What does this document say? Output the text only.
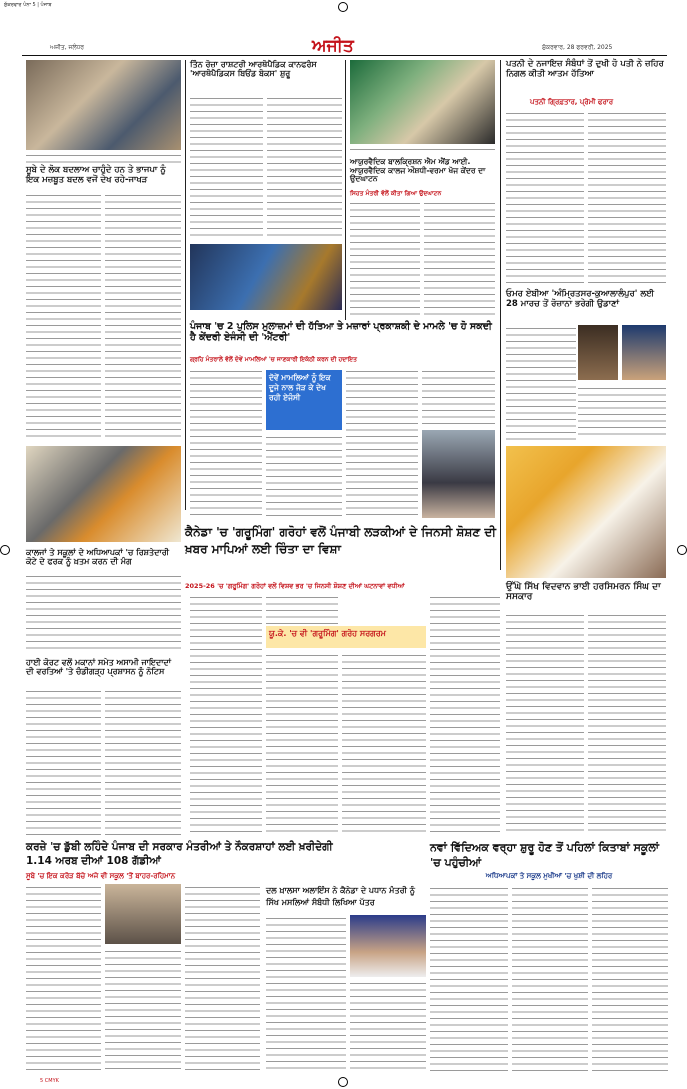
ਸ਼ੁੱਕਰਵਾਰ ਪੰਨਾ 5 | ਪੰਜਾਬ
ਅਜੀਤ, ਜਲੰਧਰ	ਅਜੀਤ	ਸ਼ੁੱਕਰਵਾਰ, 28 ਫਰਵਰੀ, 2025
ਸੂਬੇ ਦੇ ਲੋਕ ਬਦਲਾਅ ਚਾਹੁੰਦੇ ਹਨ ਤੇ ਭਾਜਪਾ ਨੂੰ ਇਕ ਮਜ਼ਬੂਤ ਬਦਲ ਵਜੋਂ ਦੇਖ ਰਹੇ-ਜਾਖੜ
ਤਿੰਨ ਰੋਜ਼ਾ ਰਾਸ਼ਟਰੀ ਆਰਥੋਪੈਡਿਕ ਕਾਨਫਰੰਸ 'ਆਰਥੋਪੈਡਿਕਸ ਬਿਓਂਡ ਬੋਕਸ' ਸ਼ੁਰੂ
ਆਯੁਰਵੈਦਿਕ ਬਾਲਕ੍ਰਿਸ਼ਨ ਐਮ ਐਂਡ ਆਈ. ਆਯੁਰਵੈਦਿਕ ਕਾਲਜ ਔਸ਼ਧੀ-ਵਰਮਾ ਖੋਜ ਕੇਂਦਰ ਦਾ ਉਦਘਾਟਨ
ਸਿਹਤ ਮੰਤਰੀ ਵੱਲੋਂ ਕੀਤਾ ਗਿਆ ਉਦਘਾਟਨ
ਪਤਨੀ ਦੇ ਨਜਾਇਜ਼ ਸੰਬੰਧਾਂ ਤੋਂ ਦੁਖੀ ਹੋ ਪਤੀ ਨੇ ਜ਼ਹਿਰ ਨਿਗਲ ਕੀਤੀ ਆਤਮ ਹੱਤਿਆ
ਪਤਨੀ ਗ੍ਰਿਫ਼ਤਾਰ, ਪ੍ਰੇਮੀ ਫਰਾਰ
ਓਮਰ ਏਬੀਆ 'ਅੰਮ੍ਰਿਤਸਰ-ਕੁਆਲਾਲੰਪੁਰ' ਲਈ 28 ਮਾਰਚ ਤੋਂ ਰੋਜ਼ਾਨਾ ਭਰੇਗੀ ਉਡਾਣਾਂ
ਪੰਜਾਬ 'ਚ 2 ਪੁਲਿਸ ਮੁਲਾਜ਼ਮਾਂ ਦੀ ਹੱਤਿਆ ਤੇ ਮਜ਼ਾਰਾਂ ਪ੍ਰਕਾਸ਼ਕੀ ਦੇ ਮਾਮਲੇ 'ਚ ਹੋ ਸਕਦੀ ਹੈ ਕੇਂਦਰੀ ਏਜੰਸੀ ਦੀ 'ਐਂਟਰੀ'
ਗ੍ਰਹਿ ਮੰਤਰਾਲੇ ਵੱਲੋਂ ਦੋਵੇਂ ਮਾਮਲਿਆਂ 'ਚ ਜਾਣਕਾਰੀ ਇਕੱਠੀ ਕਰਨ ਦੀ ਹਦਾਇਤ
ਦੋਵੇਂ ਮਾਮਲਿਆਂ ਨੂੰ ਇਕ ਦੂਜੇ ਨਾਲ ਜੋੜ ਕੇ ਦੇਖ ਰਹੀ ਏਜੰਸੀ
ਕਾਲਜਾਂ ਤੇ ਸਕੂਲਾਂ ਦੇ ਅਧਿਆਪਕਾਂ 'ਚ ਰਿਸ਼ਤੇਦਾਰੀ ਕੋਟੇ ਦੇ ਫਰਕ ਨੂੰ ਖ਼ਤਮ ਕਰਨ ਦੀ ਮੰਗ
ਕੈਨੇਡਾ 'ਚ 'ਗਰੂਮਿੰਗ' ਗਰੋਹਾਂ ਵਲੋਂ ਪੰਜਾਬੀ ਲੜਕੀਆਂ ਦੇ ਜਿਨਸੀ ਸ਼ੋਸ਼ਣ ਦੀ ਖ਼ਬਰ ਮਾਪਿਆਂ ਲਈ ਚਿੰਤਾ ਦਾ ਵਿਸ਼ਾ
2025-26 'ਚ 'ਗਰੂਮਿੰਗ' ਗਰੋਹਾਂ ਵਲੋਂ ਵਿਸ਼ਵ ਭਰ 'ਚ ਜਿਨਸੀ ਸ਼ੋਸ਼ਣ ਦੀਆਂ ਘਟਨਾਵਾਂ ਵਧੀਆਂ
ਯੂ.ਕੇ. 'ਚ ਵੀ 'ਗਰੂਮਿੰਗ' ਗਰੋਹ ਸਰਗਰਮ
ਹਾਈ ਕੋਰਟ ਵਲੋਂ ਮਕਾਨਾਂ ਸਮੇਤ ਅਸਾਮੀ ਜਾਇਦਾਦਾਂ ਦੀ ਵਰਤਿਆਂ 'ਤੇ ਚੰਡੀਗੜ੍ਹ ਪ੍ਰਸ਼ਾਸਨ ਨੂੰ ਨੋਟਿਸ
ਉੱਘੇ ਸਿੱਖ ਵਿਦਵਾਨ ਭਾਈ ਹਰਸਿਮਰਨ ਸਿੰਘ ਦਾ ਸਸਕਾਰ
ਕਰਜ਼ੇ 'ਚ ਡੁੱਬੀ ਲਹਿੰਦੇ ਪੰਜਾਬ ਦੀ ਸਰਕਾਰ ਮੰਤਰੀਆਂ ਤੇ ਨੌਕਰਸ਼ਾਹਾਂ ਲਈ ਖ਼ਰੀਦੇਗੀ 1.14 ਅਰਬ ਦੀਆਂ 108 ਗੱਡੀਆਂ
ਸੂਬੇ 'ਚ ਇਕ ਕਰੋੜ ਬੱਚੇ ਅਜੇ ਵੀ ਸਕੂਲ 'ਤੋਂ ਬਾਹਰ-ਰਹਿਮਾਨ
ਦਲ ਖ਼ਾਲਸਾ ਅਲਾਇੰਸ ਨੇ ਕੈਨੇਡਾ ਦੇ ਪਧਾਨ ਮੰਤਰੀ ਨੂੰ ਸਿੱਖ ਮਸਲਿਆਂ ਸੰਬੰਧੀ ਲਿਖਿਆ ਪੱਤਰ
ਨਵਾਂ ਵਿੱਦਿਅਕ ਵਰ੍ਹਾ ਸ਼ੁਰੂ ਹੋਣ ਤੋਂ ਪਹਿਲਾਂ ਕਿਤਾਬਾਂ ਸਕੂਲਾਂ 'ਚ ਪਹੁੰਚੀਆਂ
ਅਧਿਆਪਕਾਂ ਤੇ ਸਕੂਲ ਮੁਖੀਆਂ 'ਚ ਖੁਸ਼ੀ ਦੀ ਲਹਿਰ
5 CMYK
